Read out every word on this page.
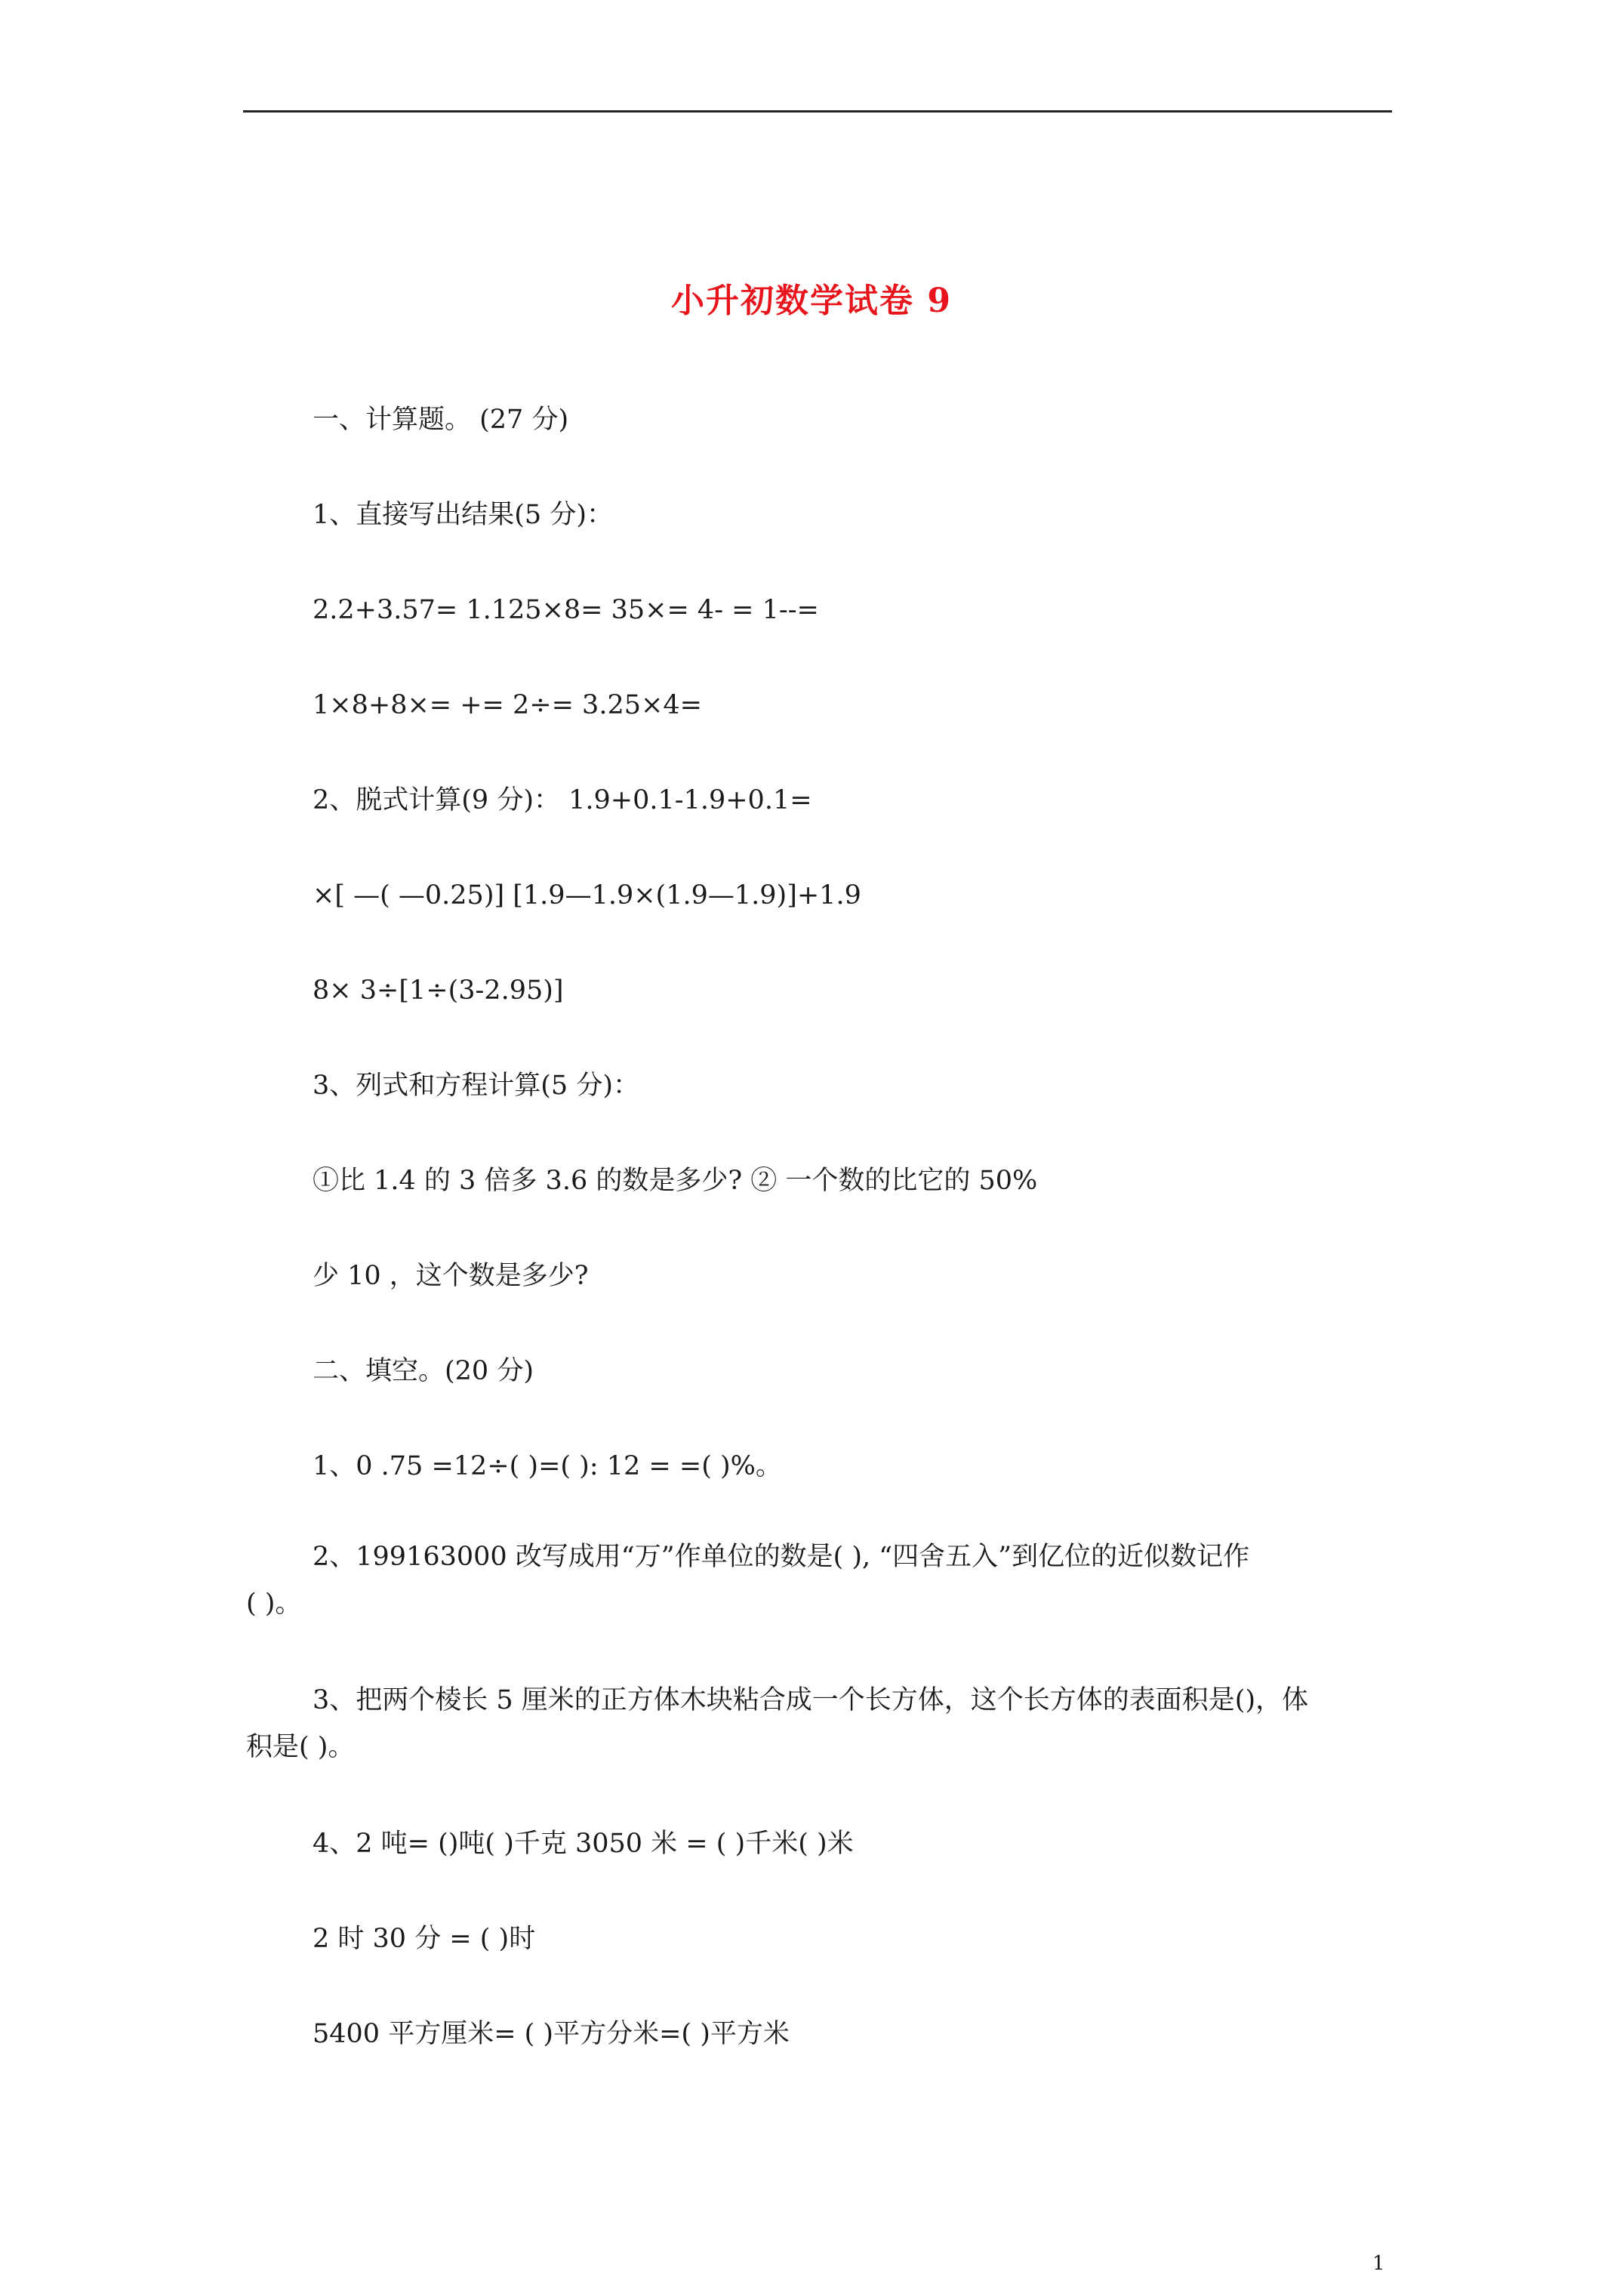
小升初数学试卷 9
一、计算题。 (27 分)
1、直接写出结果(5 分)：
2.2+3.57= 1.125×8= 35×= 4- = 1--=
1×8+8×= += 2÷= 3.25×4=
2、脱式计算(9 分)： 1.9+0.1-1.9+0.1=
×[ —( —0.25)] [1.9—1.9×(1.9—1.9)]+1.9
8× 3÷[1÷(3-2.95)]
3、列式和方程计算(5 分)：
①比 1.4 的 3 倍多 3.6 的数是多少? ② 一个数的比它的 50%
少 10 ，这个数是多少?
二、填空。(20 分)
1、0 .75 =12÷( )=( ): 12 = =( )%。
2、199163000 改写成用“万”作单位的数是( ), “四舍五入”到亿位的近似数记作
( )。
3、把两个棱长 5 厘米的正方体木块粘合成一个长方体，这个长方体的表面积是()，体
积是( )。
4、2 吨= ()吨( )千克 3050 米 = ( )千米( )米
2 时 30 分 = ( )时
5400 平方厘米= ( )平方分米=( )平方米
1
